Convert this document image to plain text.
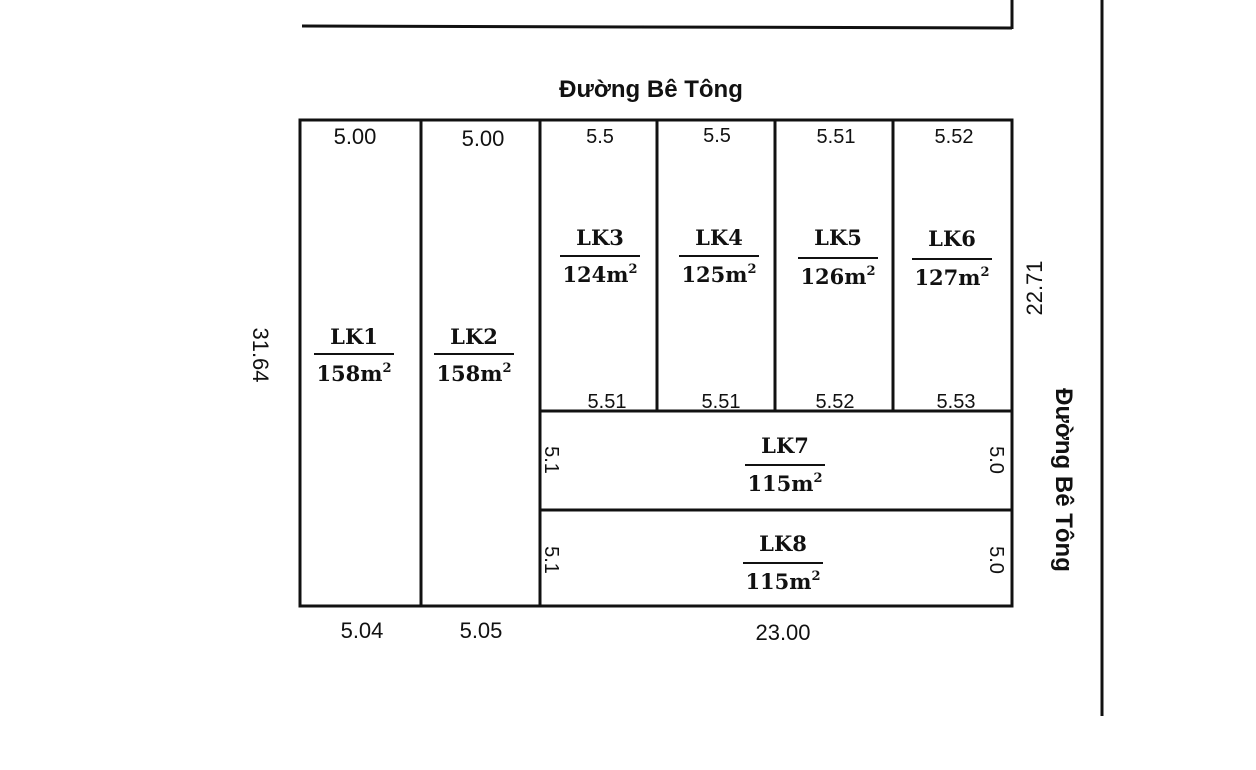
Đường Bê Tông
Đường Bê Tông
31.64
22.71
5.00	5.00	5.5	5.5	5.51	5.52
5.51	5.51	5.52	5.53
5.04	5.05	23.00
5.1	5.0
5.1	5.0
LK1
$158m^2$
LK2
$158m^2$
LK3
$124m^2$
LK4
$125m^2$
LK5
$126m^2$
LK6
$127m^2$
LK7
$115m^2$
LK8
$115m^2$
